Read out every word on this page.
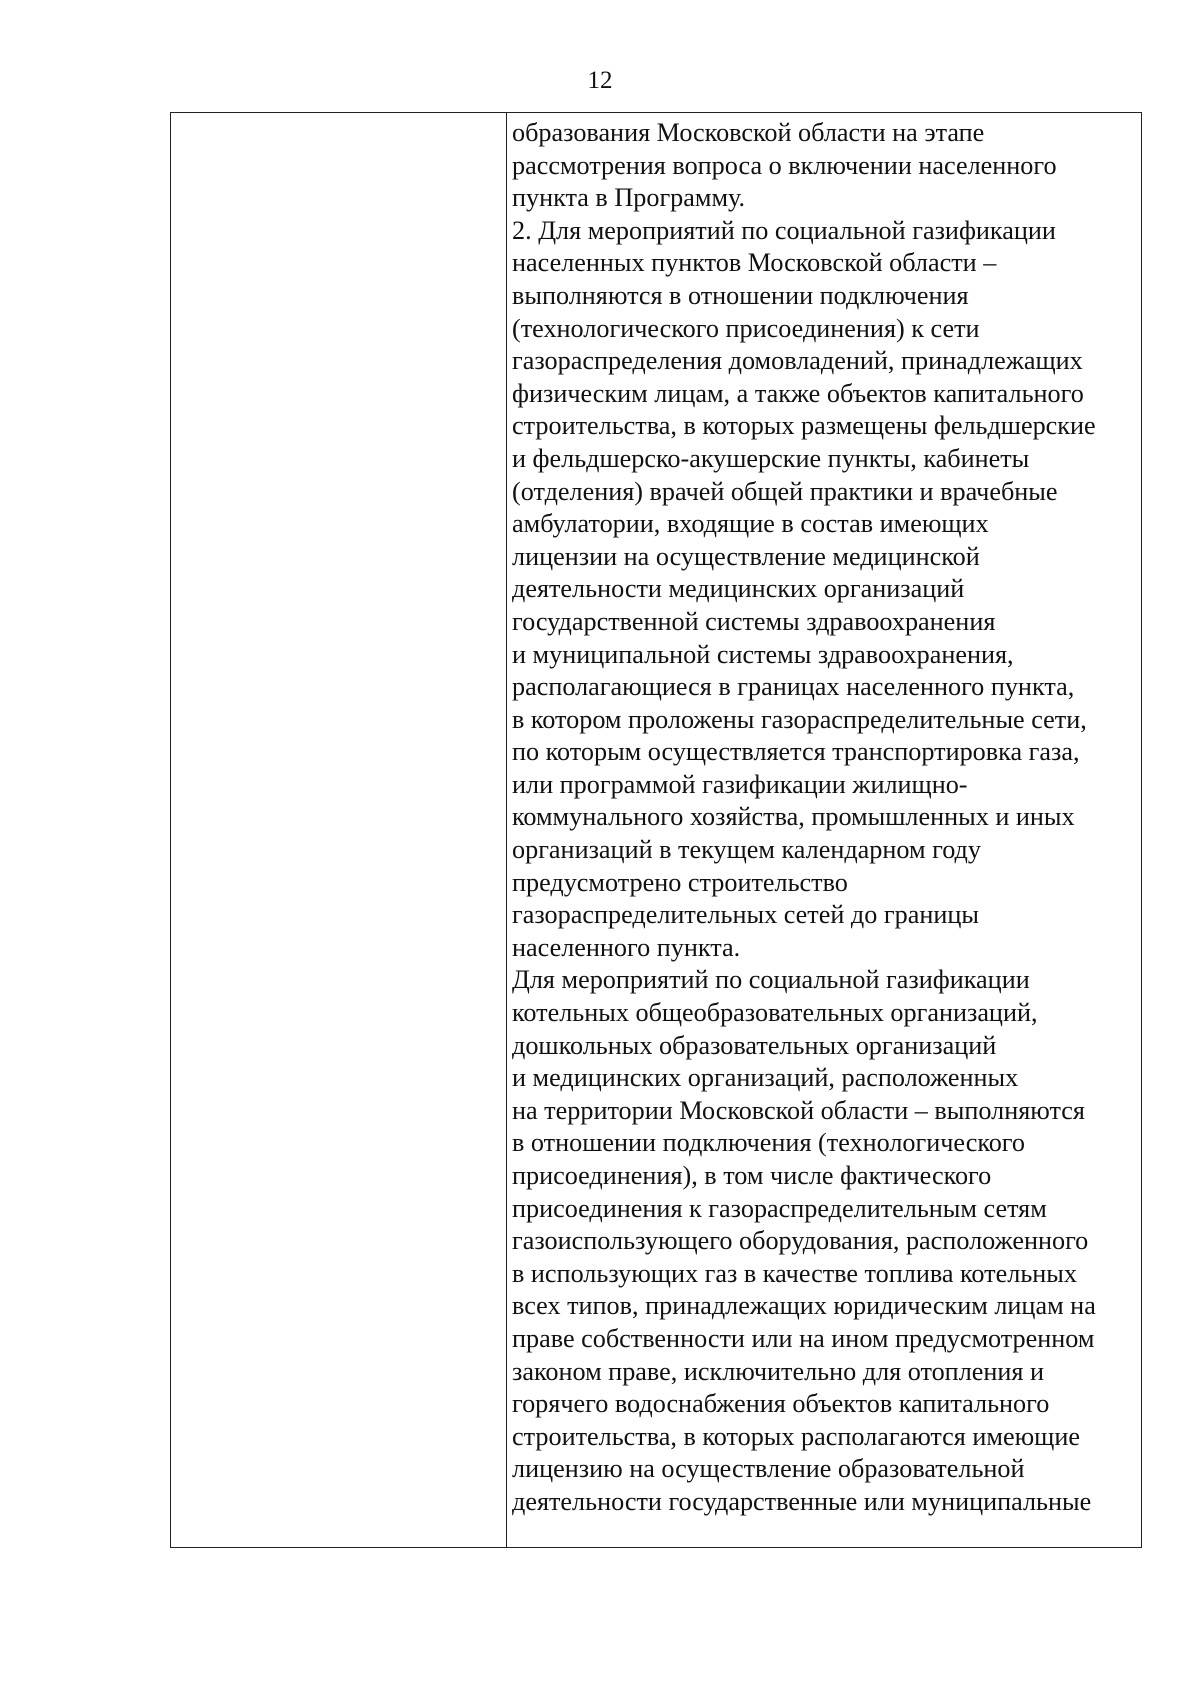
12
образования Московской области на этапе
рассмотрения вопроса о включении населенного
пункта в Программу.
2. Для мероприятий по социальной газификации
населенных пунктов Московской области –
выполняются в отношении подключения
(технологического присоединения) к сети
газораспределения домовладений, принадлежащих
физическим лицам, а также объектов капитального
строительства, в которых размещены фельдшерские
и фельдшерско-акушерские пункты, кабинеты
(отделения) врачей общей практики и врачебные
амбулатории, входящие в состав имеющих
лицензии на осуществление медицинской
деятельности медицинских организаций
государственной системы здравоохранения
и муниципальной системы здравоохранения,
располагающиеся в границах населенного пункта,
в котором проложены газораспределительные сети,
по которым осуществляется транспортировка газа,
или программой газификации жилищно-
коммунального хозяйства, промышленных и иных
организаций в текущем календарном году
предусмотрено строительство
газораспределительных сетей до границы
населенного пункта.
Для мероприятий по социальной газификации
котельных общеобразовательных организаций,
дошкольных образовательных организаций
и медицинских организаций, расположенных
на территории Московской области – выполняются
в отношении подключения (технологического
присоединения), в том числе фактического
присоединения к газораспределительным сетям
газоиспользующего оборудования, расположенного
в использующих газ в качестве топлива котельных
всех типов, принадлежащих юридическим лицам на
праве собственности или на ином предусмотренном
законом праве, исключительно для отопления и
горячего водоснабжения объектов капитального
строительства, в которых располагаются имеющие
лицензию на осуществление образовательной
деятельности государственные или муниципальные
